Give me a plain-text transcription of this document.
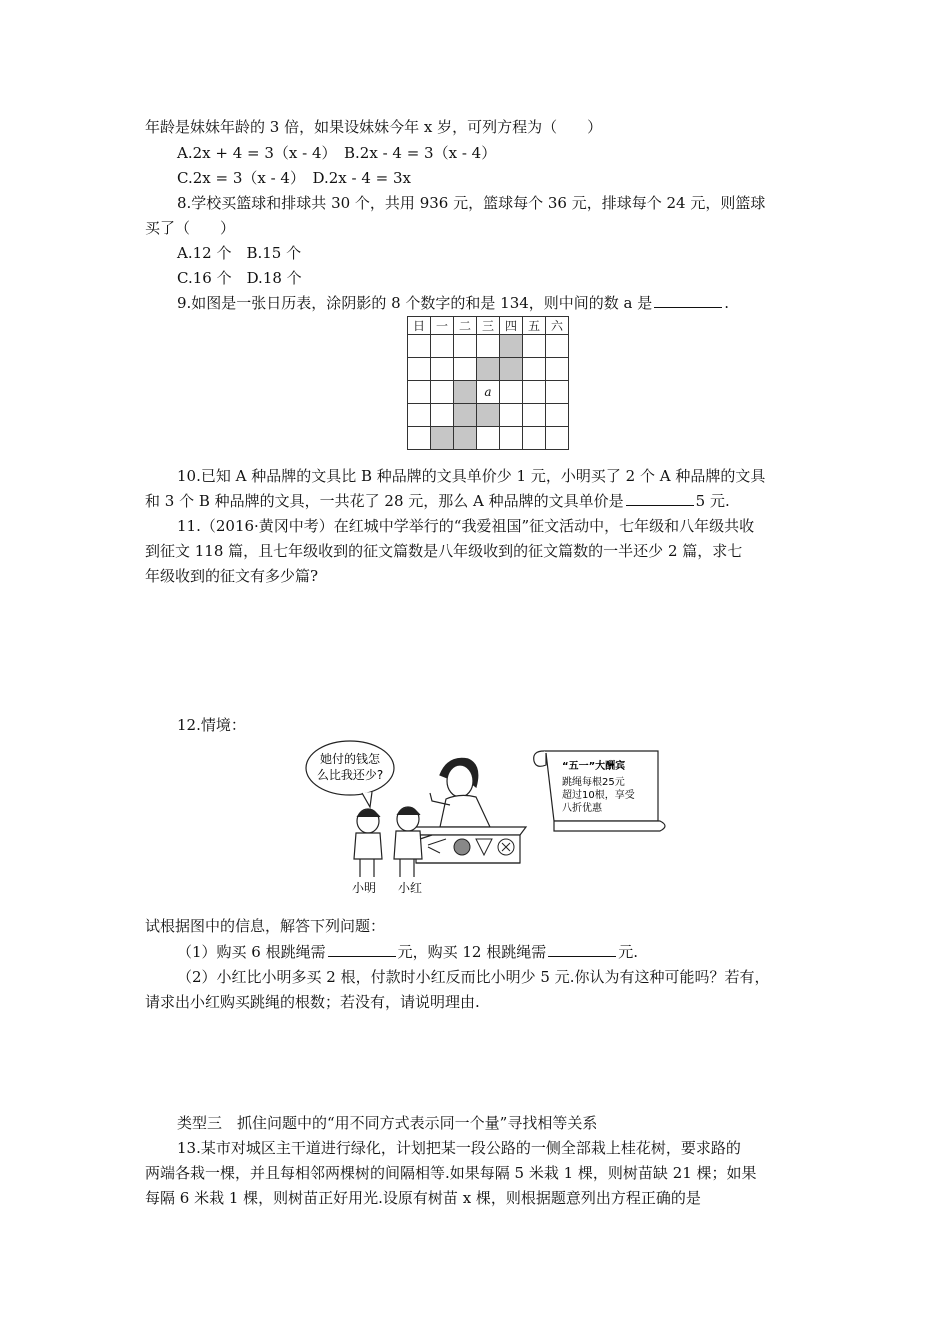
年龄是妹妹年龄的 3 倍，如果设妹妹今年 x 岁，可列方程为（　　）
A.2x + 4 = 3（x - 4）　B.2x - 4 = 3（x - 4）
C.2x = 3（x - 4）　D.2x - 4 = 3x
8.学校买篮球和排球共 30 个，共用 936 元，篮球每个 36 元，排球每个 24 元，则篮球
买了（　　）
A.12 个　B.15 个
C.16 个　D.18 个
9.如图是一张日历表，涂阴影的 8 个数字的和是 134，则中间的数 a 是	.
日	一	二	三	四	五	六

			a			

10.已知 A 种品牌的文具比 B 种品牌的文具单价少 1 元，小明买了 2 个 A 种品牌的文具
和 3 个 B 种品牌的文具，一共花了 28 元，那么 A 种品牌的文具单价是	5 元.
11.（2016·黄冈中考）在红城中学举行的“我爱祖国”征文活动中，七年级和八年级共收
到征文 118 篇，且七年级收到的征文篇数是八年级收到的征文篇数的一半还少 2 篇，求七
年级收到的征文有多少篇?
12.情境：
她付的钱怎
么比我还少?
“五一”大酬宾
跳绳每根25元
超过10根，享受
八折优惠
小明 小红
试根据图中的信息，解答下列问题：
（1）购买 6 根跳绳需	元，购买 12 根跳绳需	元.
（2）小红比小明多买 2 根，付款时小红反而比小明少 5 元.你认为有这种可能吗？若有，
请求出小红购买跳绳的根数；若没有，请说明理由.
类型三　抓住问题中的“用不同方式表示同一个量”寻找相等关系
13.某市对城区主干道进行绿化，计划把某一段公路的一侧全部栽上桂花树，要求路的
两端各栽一棵，并且每相邻两棵树的间隔相等.如果每隔 5 米栽 1 棵，则树苗缺 21 棵；如果
每隔 6 米栽 1 棵，则树苗正好用光.设原有树苗 x 棵，则根据题意列出方程正确的是
